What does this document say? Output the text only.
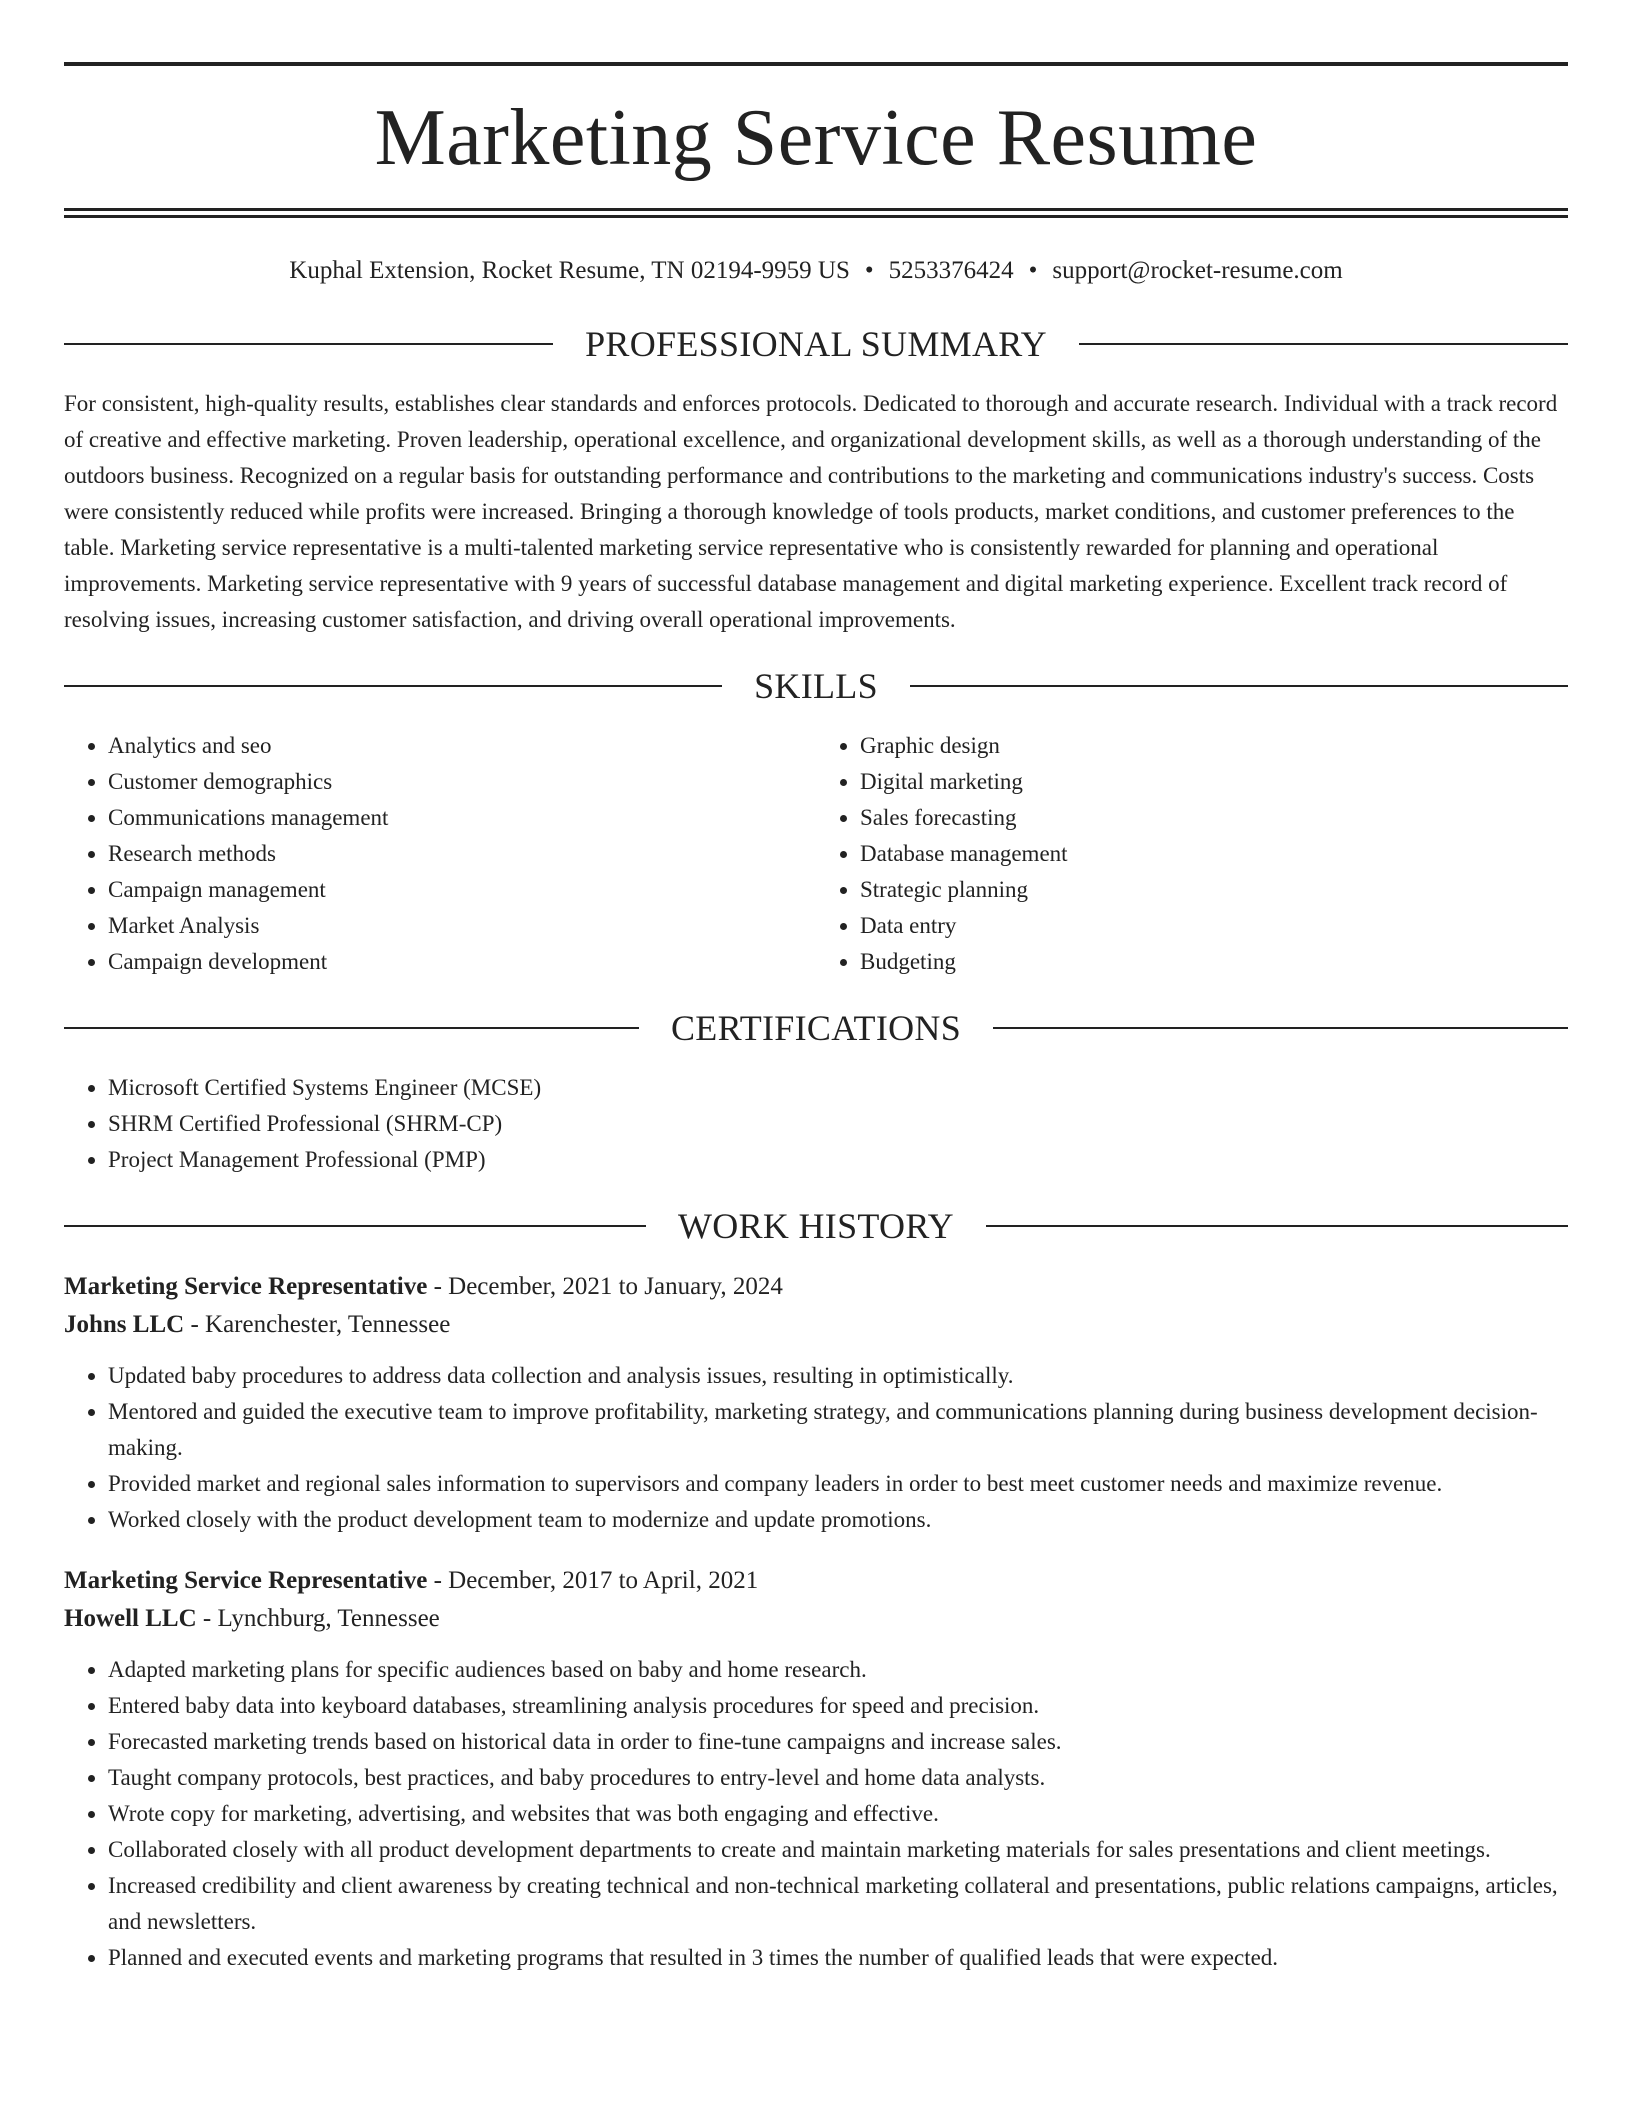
Marketing Service Resume
Kuphal Extension, Rocket Resume, TN 02194-9959 US • 5253376424 • support@rocket-resume.com
PROFESSIONAL SUMMARY

For consistent, high-quality results, establishes clear standards and enforces protocols. Dedicated to thorough and accurate research. Individual with a track record of creative and effective marketing. Proven leadership, operational excellence, and organizational development skills, as well as a thorough understanding of the outdoors business. Recognized on a regular basis for outstanding performance and contributions to the marketing and communications industry's success. Costs were consistently reduced while profits were increased. Bringing a thorough knowledge of tools products, market conditions, and customer preferences to the table. Marketing service representative is a multi-talented marketing service representative who is consistently rewarded for planning and operational improvements. Marketing service representative with 9 years of successful database management and digital marketing experience. Excellent track record of resolving issues, increasing customer satisfaction, and driving overall operational improvements.

SKILLS
• Analytics and seo
• Customer demographics
• Communications management
• Research methods
• Campaign management
• Market Analysis
• Campaign development
• Graphic design
• Digital marketing
• Sales forecasting
• Database management
• Strategic planning
• Data entry
• Budgeting
CERTIFICATIONS
• Microsoft Certified Systems Engineer (MCSE)
• SHRM Certified Professional (SHRM-CP)
• Project Management Professional (PMP)
WORK HISTORY
Marketing Service Representative - December, 2021 to January, 2024
Johns LLC - Karenchester, Tennessee
• Updated baby procedures to address data collection and analysis issues, resulting in optimistically.
• Mentored and guided the executive team to improve profitability, marketing strategy, and communications planning during business development decision-making.
• Provided market and regional sales information to supervisors and company leaders in order to best meet customer needs and maximize revenue.
• Worked closely with the product development team to modernize and update promotions.
Marketing Service Representative - December, 2017 to April, 2021
Howell LLC - Lynchburg, Tennessee
• Adapted marketing plans for specific audiences based on baby and home research.
• Entered baby data into keyboard databases, streamlining analysis procedures for speed and precision.
• Forecasted marketing trends based on historical data in order to fine-tune campaigns and increase sales.
• Taught company protocols, best practices, and baby procedures to entry-level and home data analysts.
• Wrote copy for marketing, advertising, and websites that was both engaging and effective.
• Collaborated closely with all product development departments to create and maintain marketing materials for sales presentations and client meetings.
• Increased credibility and client awareness by creating technical and non-technical marketing collateral and presentations, public relations campaigns, articles, and newsletters.
• Planned and executed events and marketing programs that resulted in 3 times the number of qualified leads that were expected.
